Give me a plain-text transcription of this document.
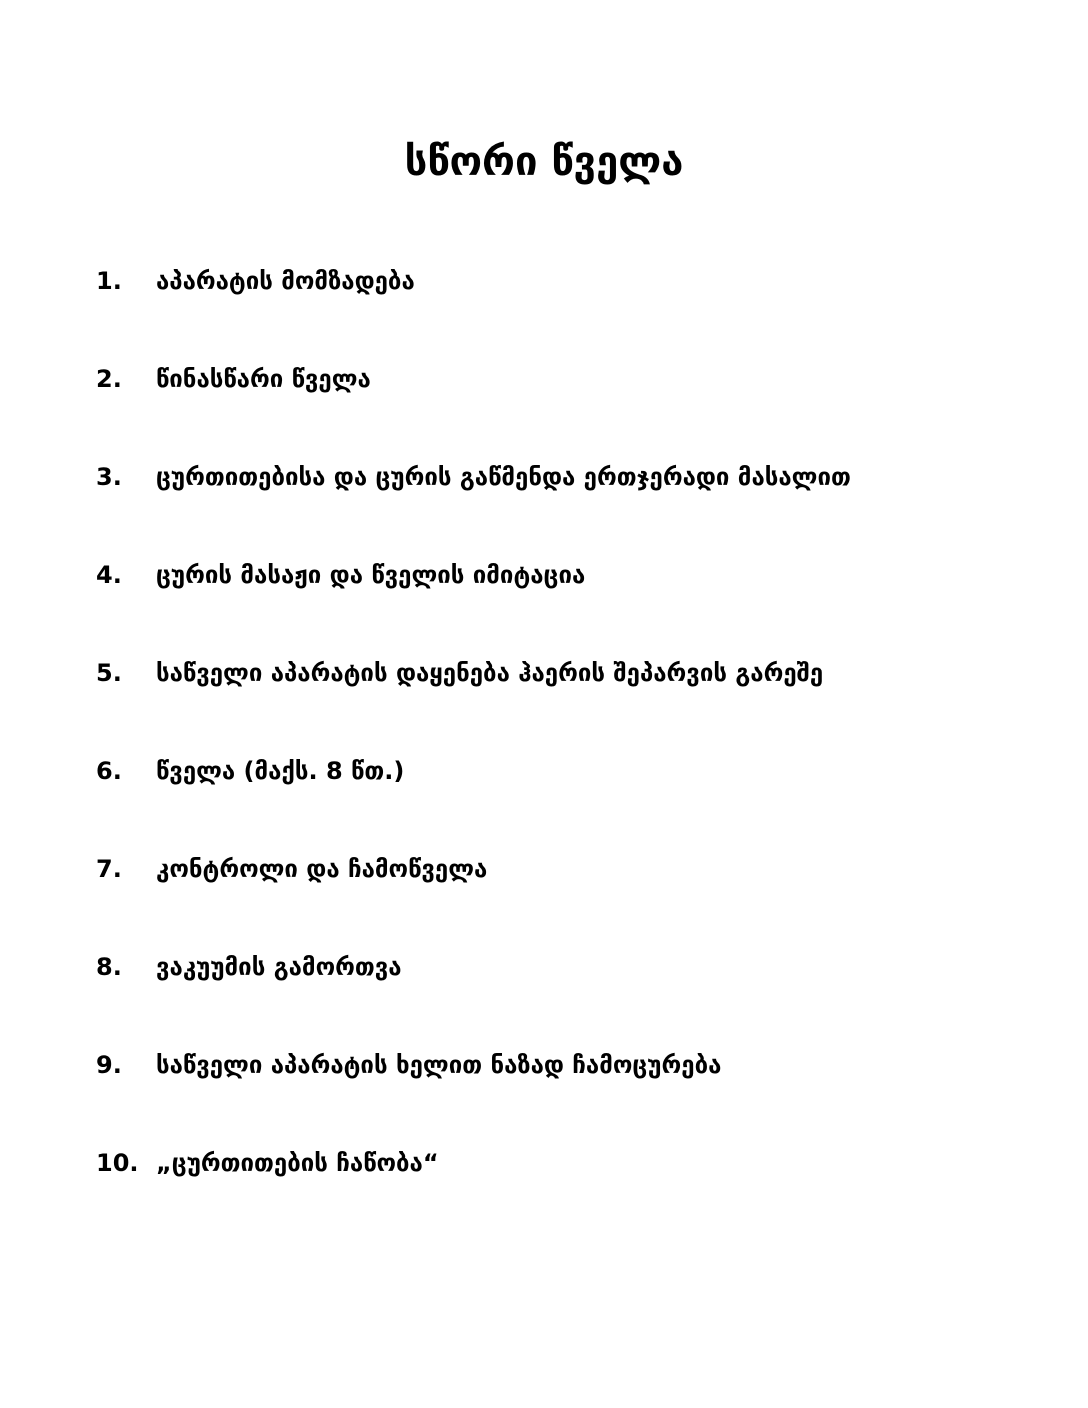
სწორი წველა
1.	აპარატის მომზადება
2.	წინასწარი წველა
3.	ცურთითებისა და ცურის გაწმენდა ერთჯერადი მასალით
4.	ცურის მასაჟი და წველის იმიტაცია
5.	საწველი აპარატის დაყენება ჰაერის შეპარვის გარეშე
6.	წველა (მაქს. 8 წთ.)
7.	კონტროლი და ჩამოწველა
8.	ვაკუუმის გამორთვა
9.	საწველი აპარატის ხელით ნაზად ჩამოცურება
10. „ცურთითების ჩაწობა“
